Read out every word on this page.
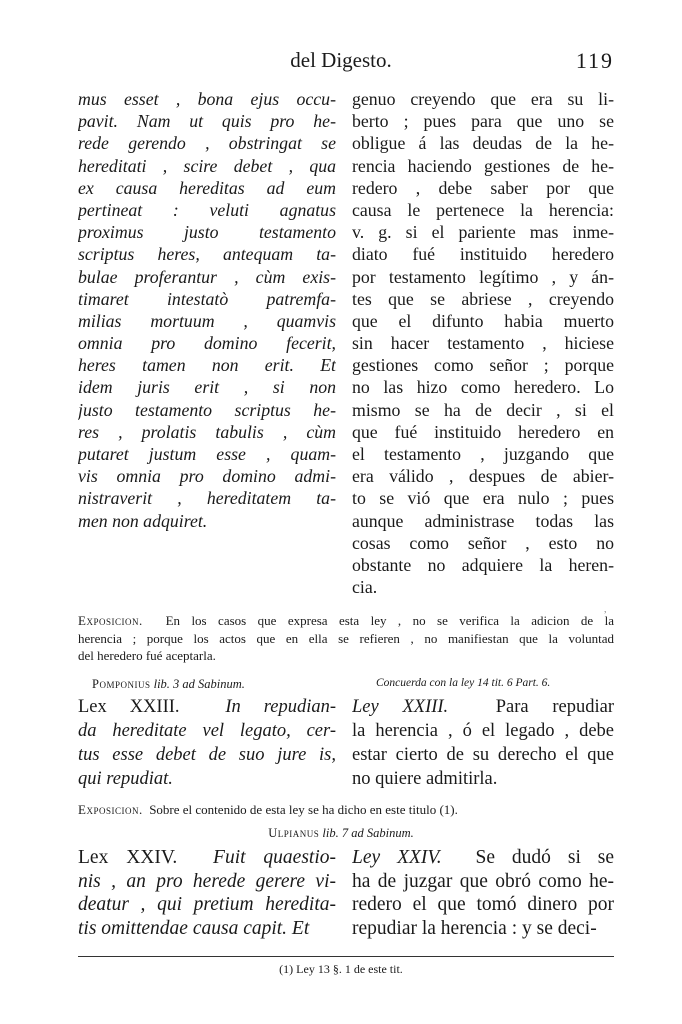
del Digesto.	119
mus esset , bona ejus occu-
pavit. Nam ut quis pro he-
rede gerendo , obstringat se
hereditati , scire debet , qua
ex causa hereditas ad eum
pertineat : veluti agnatus
proximus justo testamento
scriptus heres, antequam ta-
bulae proferantur , cùm exis-
timaret intestatò patremfa-
milias mortuum , quamvis
omnia pro domino fecerit,
heres tamen non erit. Et
idem juris erit , si non
justo testamento scriptus he-
res , prolatis tabulis , cùm
putaret justum esse , quam-
vis omnia pro domino admi-
nistraverit , hereditatem ta-
men non adquiret.
genuo creyendo que era su li-
berto ; pues para que uno se
obligue á las deudas de la he-
rencia haciendo gestiones de he-
redero , debe saber por que
causa le pertenece la herencia:
v. g. si el pariente mas inme-
diato fué instituido heredero
por testamento legítimo , y án-
tes que se abriese , creyendo
que el difunto habia muerto
sin hacer testamento , hiciese
gestiones como señor ; porque
no las hizo como heredero. Lo
mismo se ha de decir , si el
que fué instituido heredero en
el testamento , juzgando que
era válido , despues de abier-
to se vió que era nulo ; pues
aunque administrase todas las
cosas como señor , esto no
obstante no adquiere la heren-
cia.
,
Exposicion. En los casos que expresa esta ley , no se verifica la adicion de la
herencia ; porque los actos que en ella se refieren , no manifiestan que la voluntad
del heredero fué aceptarla.
Pomponius lib. 3 ad Sabinum.	Concuerda con la ley 14 tit. 6 Part. 6.
Lex XXIII. In repudian-
da hereditate vel legato, cer-
tus esse debet de suo jure is,
qui repudiat.
Ley XXIII.	Para repudiar
la herencia , ó el legado , debe
estar cierto de su derecho el que
no quiere admitirla.
Exposicion. Sobre el contenido de esta ley se ha dicho en este titulo (1).
Ulpianus lib. 7 ad Sabinum.
Lex XXIV. Fuit quaestio-
nis , an pro herede gerere vi-
deatur , qui pretium heredita-
tis omittendae causa capit. Et
Ley XXIV. Se dudó si se
ha de juzgar que obró como he-
redero el que tomó dinero por
repudiar la herencia : y se deci-
(1) Ley 13 §. 1 de este tit.
